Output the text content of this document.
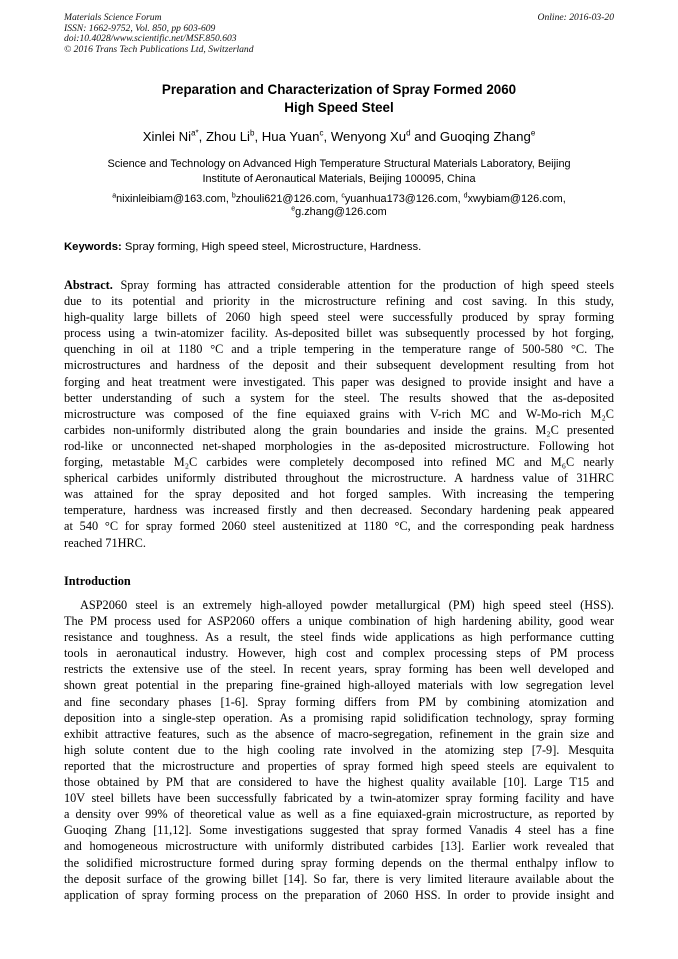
Materials Science Forum
ISSN: 1662-9752, Vol. 850, pp 603-609
doi:10.4028/www.scientific.net/MSF.850.603
© 2016 Trans Tech Publications Ltd, Switzerland
Online: 2016-03-20
Preparation and Characterization of Spray Formed 2060
High Speed Steel
Xinlei $Ni^{a*}$, Zhou Li$^b$, Hua Yuan$^c$, Wenyong Xu$^d$ and Guoqing Zhang$^e$
Science and Technology on Advanced High Temperature Structural Materials Laboratory, Beijing
Institute of Aeronautical Materials, Beijing 100095, China
$^a$nixinleibiam@163.com, $^b$zhouli621@126.com, $^c$yuanhua173@126.com, $^d$xwybiam@126.com,
$^e$g.zhang@126.com
Keywords: Spray forming, High speed steel, Microstructure, Hardness.
Abstract. Spray forming has attracted considerable attention for the production of high speed steels
due to its potential and priority in the microstructure refining and cost saving. In this study,
high-quality large billets of 2060 high speed steel were successfully produced by spray forming
process using a twin-atomizer facility. As-deposited billet was subsequently processed by hot forging,
quenching in oil at 1180 °C and a triple tempering in the temperature range of 500-580 °C. The
microstructures and hardness of the deposit and their subsequent development resulting from hot
forging and heat treatment were investigated. This paper was designed to provide insight and have a
better understanding of such a system for the steel. The results showed that the as-deposited
microstructure was composed of the fine equiaxed grains with V-rich MC and W-Mo-rich M₂C
carbides non-uniformly distributed along the grain boundaries and inside the grains. M₂C presented
rod-like or unconnected net-shaped morphologies in the as-deposited microstructure. Following hot
forging, metastable M₂C carbides were completely decomposed into refined MC and M₆C nearly
spherical carbides uniformly distributed throughout the microstructure. A hardness value of 31HRC
was attained for the spray deposited and hot forged samples. With increasing the tempering
temperature, hardness was increased firstly and then decreased. Secondary hardening peak appeared
at 540 °C for spray formed 2060 steel austenitized at 1180 °C, and the corresponding peak hardness
reached 71HRC.
Introduction
ASP2060 steel is an extremely high-alloyed powder metallurgical (PM) high speed steel (HSS).
The PM process used for ASP2060 offers a unique combination of high hardening ability, good wear
resistance and toughness. As a result, the steel finds wide applications as high performance cutting
tools in aeronautical industry. However, high cost and complex processing steps of PM process
restricts the extensive use of the steel. In recent years, spray forming has been well developed and
shown great potential in the preparing fine-grained high-alloyed materials with low segregation level
and fine secondary phases [1-6]. Spray forming differs from PM by combining atomization and
deposition into a single-step operation. As a promising rapid solidification technology, spray forming
exhibit attractive features, such as the absence of macro-segregation, refinement in the grain size and
high solute content due to the high cooling rate involved in the atomizing step [7-9]. Mesquita
reported that the microstructure and properties of spray formed high speed steels are equivalent to
those obtained by PM that are considered to have the highest quality available [10]. Large T15 and
10V steel billets have been successfully fabricated by a twin-atomizer spray forming facility and have
a density over 99% of theoretical value as well as a fine equiaxed-grain microstructure, as reported by
Guoqing Zhang [11,12]. Some investigations suggested that spray formed Vanadis 4 steel has a fine
and homogeneous microstructure with uniformly distributed carbides [13]. Earlier work revealed that
the solidified microstructure formed during spray forming depends on the thermal enthalpy inflow to
the deposit surface of the growing billet [14]. So far, there is very limited literaure available about the
application of spray forming process on the preparation of 2060 HSS. In order to provide insight and
